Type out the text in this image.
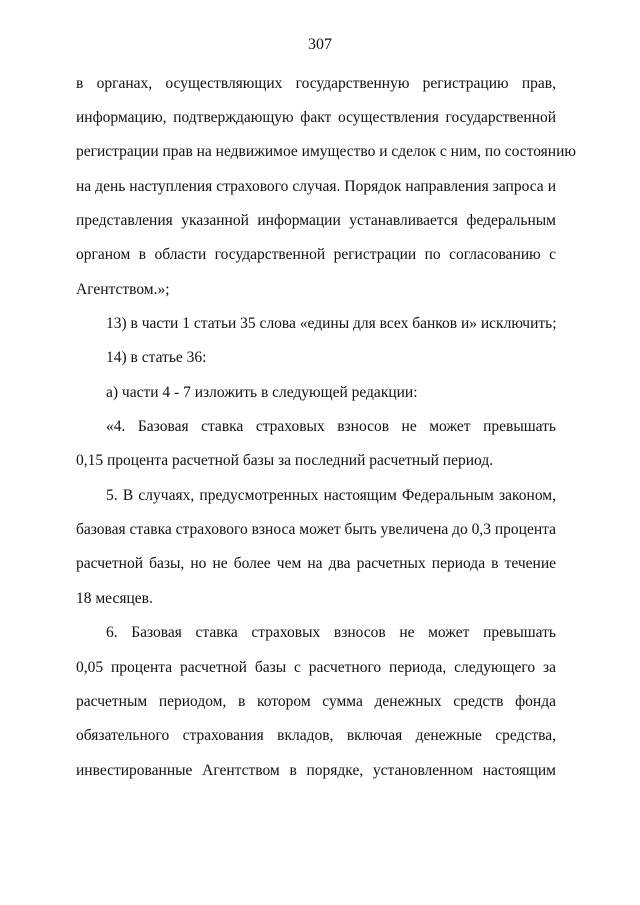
307
в органах, осуществляющих государственную регистрацию прав,
информацию, подтверждающую факт осуществления государственной
регистрации прав на недвижимое имущество и сделок с ним, по состоянию
на день наступления страхового случая. Порядок направления запроса и
представления указанной информации устанавливается федеральным
органом в области государственной регистрации по согласованию с
Агентством.»;
13) в части 1 статьи 35 слова «едины для всех банков и» исключить;
14) в статье 36:
а) части 4 - 7 изложить в следующей редакции:
«4. Базовая ставка страховых взносов не может превышать
0,15 процента расчетной базы за последний расчетный период.
5. В случаях, предусмотренных настоящим Федеральным законом,
базовая ставка страхового взноса может быть увеличена до 0,3 процента
расчетной базы, но не более чем на два расчетных периода в течение
18 месяцев.
6. Базовая ставка страховых взносов не может превышать
0,05 процента расчетной базы с расчетного периода, следующего за
расчетным периодом, в котором сумма денежных средств фонда
обязательного страхования вкладов, включая денежные средства,
инвестированные Агентством в порядке, установленном настоящим
